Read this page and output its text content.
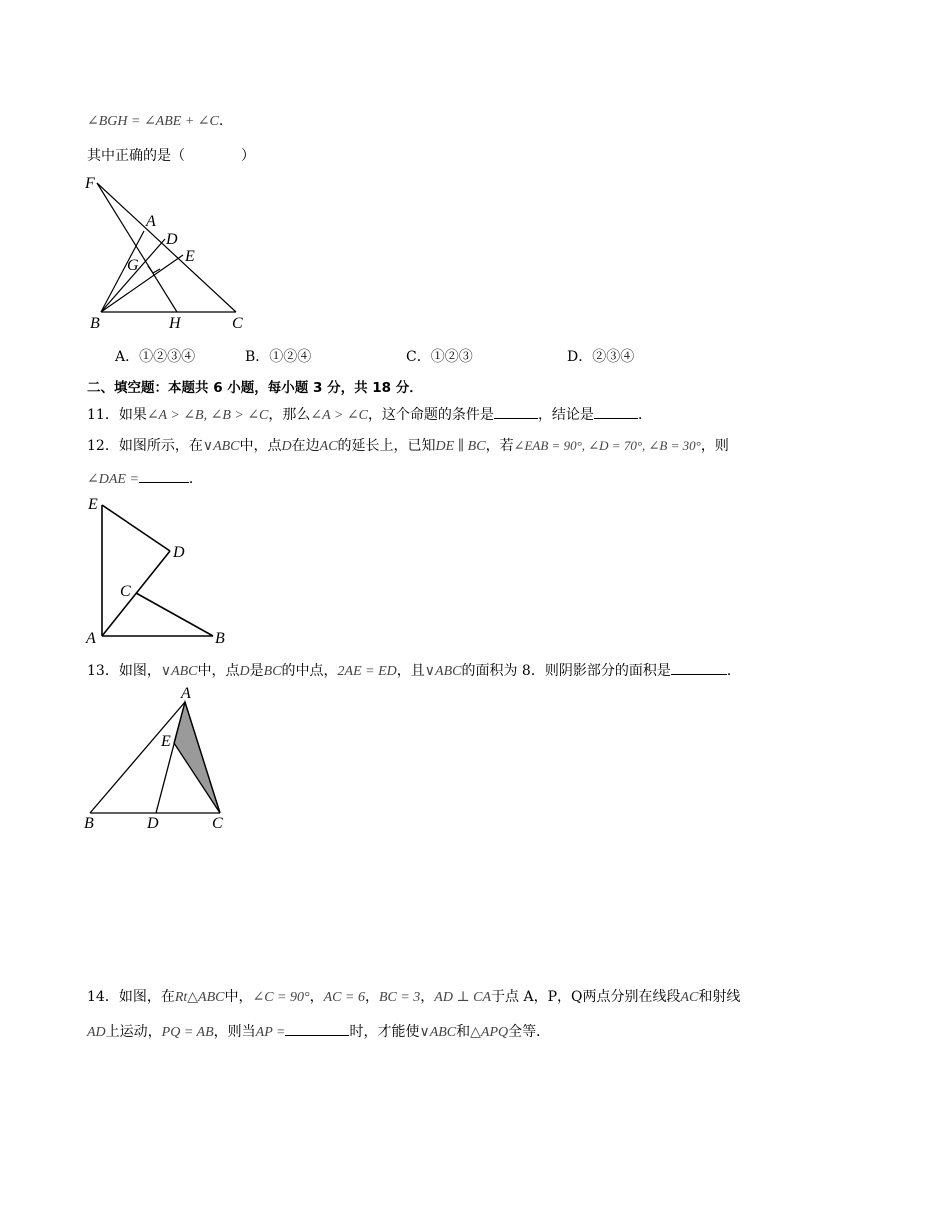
∠BGH = ∠ABE + ∠C.
其中正确的是（　　　　）
F
A
D
E
G
B	H	C
A．①②③④	B．①②④	C．①②③	D．②③④
二、填空题：本题共 6 小题，每小题 3 分，共 18 分．
11．如果∠A > ∠B, ∠B > ∠C，那么∠A > ∠C，这个命题的条件是	，结论是	．
12．如图所示，在∨ABC中，点D在边AC的延长上，已知DE ∥ BC，若∠EAB = 90°, ∠D = 70°, ∠B = 30°，则
∠DAE =	．
E
D
C
A	B
13．如图，∨ABC中，点D是BC的中点，2AE = ED，且∨ABC的面积为 8．则阴影部分的面积是	．
A
E
B	D	C
14．如图，在Rt△ABC中，∠C = 90°，AC = 6，BC = 3，AD ⊥ CA于点 A，P，Q两点分别在线段AC和射线
AD上运动，PQ = AB，则当AP =	时，才能使∨ABC和△APQ全等．
